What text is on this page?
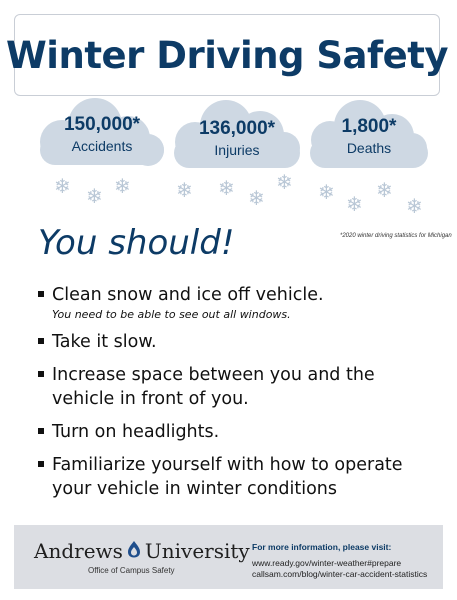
Winter Driving Safety
150,000*
Accidents
136,000*
Injuries
1,800*
Deaths
❄ ❄ ❄ ❄ ❄ ❄
❄ ❄ ❄
❄
❄
*2020 winter driving statistics for Michigan
You should!
Clean snow and ice off vehicle.
You need to be able to see out all windows.
Take it slow.
Increase space between you and the vehicle in front of you.
Turn on headlights.
Familiarize yourself with how to operate your vehicle in winter conditions
Andrews University
Office of Campus Safety
For more information, please visit:
www.ready.gov/winter-weather#prepare
callsam.com/blog/winter-car-accident-statistics
